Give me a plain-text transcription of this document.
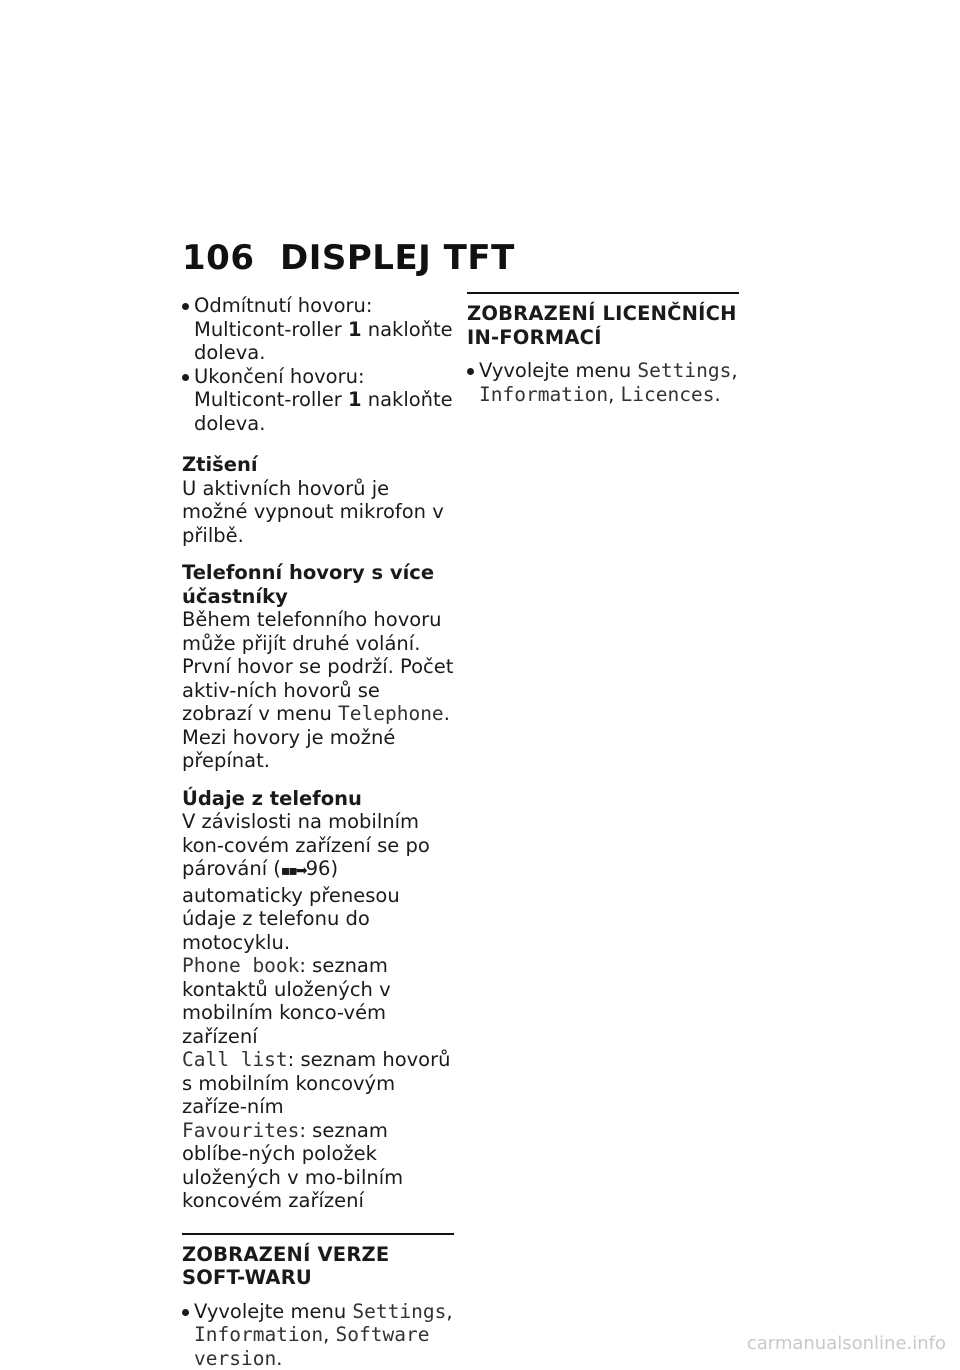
106 DISPLEJ TFT
Odmítnutí hovoru: Multicont-roller 1 nakloňte doleva.
Ukončení hovoru: Multicont-roller 1 nakloňte doleva.

Ztišení

U aktivních hovorů je možné vypnout mikrofon v přilbě.

Telefonní hovory s více účastníky

Během telefonního hovoru může přijít druhé volání. První hovor se podrží. Počet aktiv-ních hovorů se zobrazí v menu Telephone. Mezi hovory je možné přepínat.

Údaje z telefonu

V závislosti na mobilním kon-covém zařízení se po párování (▪▪➡96) automaticky přenesou údaje z telefonu do motocyklu.

Phone book: seznam kontaktů uložených v mobilním konco-vém zařízení

Call list: seznam hovorů s mobilním koncovým zaříze-ním

Favourites: seznam oblíbe-ných položek uložených v mo-bilním koncovém zařízení

ZOBRAZENÍ VERZE SOFT-WARU

Vyvolejte menu Settings, Information, Software version.

ZOBRAZENÍ LICENČNÍCH IN-FORMACÍ

Vyvolejte menu Settings, Information, Licences.
carmanualsonline.info
